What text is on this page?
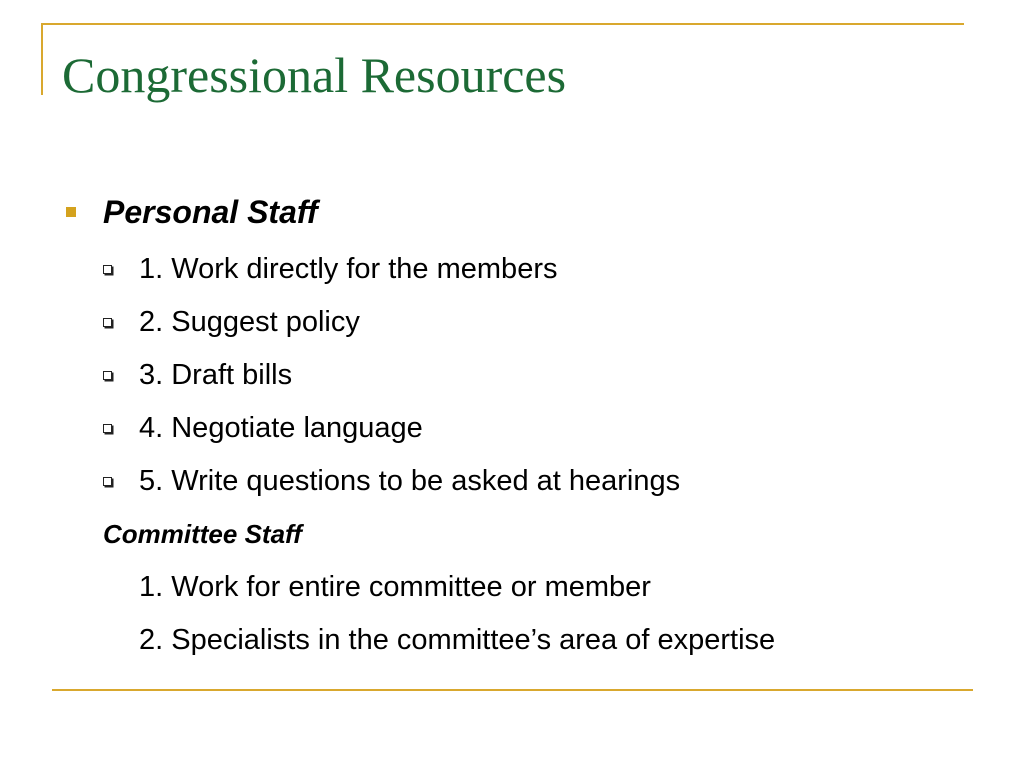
Congressional Resources
Personal Staff
1. Work directly for the members
2. Suggest policy
3. Draft bills
4. Negotiate language
5. Write questions to be asked at hearings
Committee Staff
1. Work for entire committee or member
2. Specialists in the committee’s area of expertise
